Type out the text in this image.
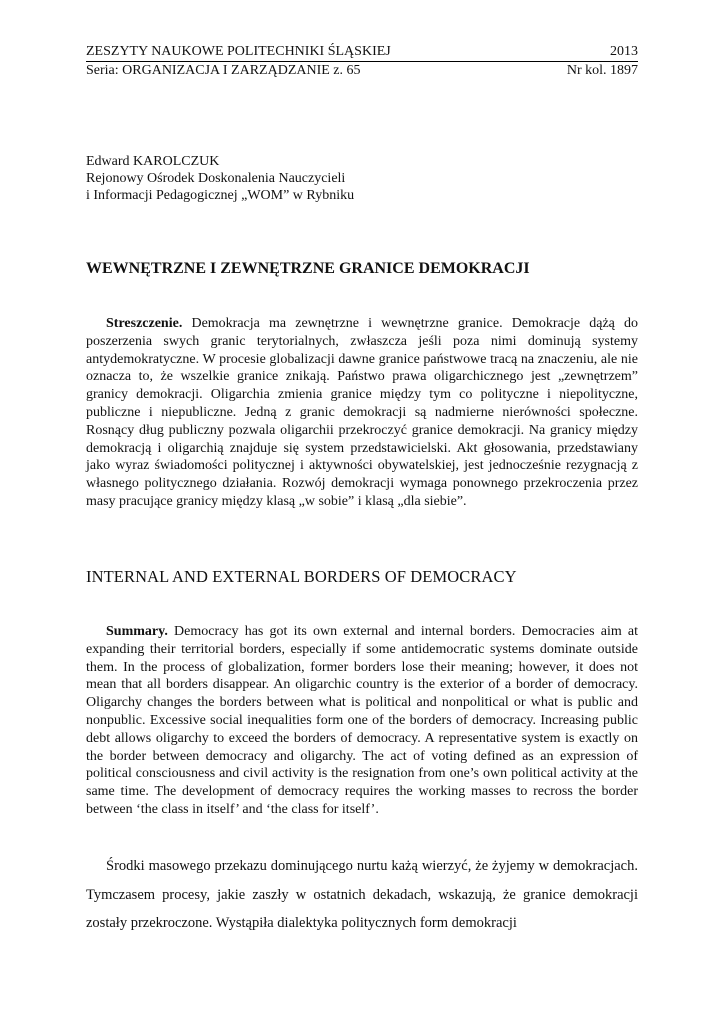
ZESZYTY NAUKOWE POLITECHNIKI ŚLĄSKIEJ	2013
Seria: ORGANIZACJA I ZARZĄDZANIE z. 65	Nr kol. 1897
Edward KAROLCZUK
Rejonowy Ośrodek Doskonalenia Nauczycieli
i Informacji Pedagogicznej „WOM” w Rybniku
WEWNĘTRZNE I ZEWNĘTRZNE GRANICE DEMOKRACJI
Streszczenie. Demokracja ma zewnętrzne i wewnętrzne granice. Demokracje dążą do poszerzenia swych granic terytorialnych, zwłaszcza jeśli poza nimi dominują systemy antydemokratyczne. W procesie globalizacji dawne granice państwowe tracą na znaczeniu, ale nie oznacza to, że wszelkie granice znikają. Państwo prawa oligarchicznego jest „zewnętrzem” granicy demokracji. Oligarchia zmienia granice między tym co polityczne i niepolityczne, publiczne i niepubliczne. Jedną z granic demokracji są nadmierne nierówności społeczne. Rosnący dług publiczny pozwala oligarchii przekroczyć granice demokracji. Na granicy między demokracją i oligarchią znajduje się system przedstawicielski. Akt głosowania, przedstawiany jako wyraz świadomości politycznej i aktywności obywatelskiej, jest jednocześnie rezygnacją z własnego politycznego działania. Rozwój demokracji wymaga ponownego przekroczenia przez masy pracujące granicy między klasą „w sobie” i klasą „dla siebie”.
INTERNAL AND EXTERNAL BORDERS OF DEMOCRACY
Summary. Democracy has got its own external and internal borders. Democracies aim at expanding their territorial borders, especially if some antidemocratic systems dominate outside them. In the process of globalization, former borders lose their meaning; however, it does not mean that all borders disappear. An oligarchic country is the exterior of a border of democracy. Oligarchy changes the borders between what is political and nonpolitical or what is public and nonpublic. Excessive social inequalities form one of the borders of democracy. Increasing public debt allows oligarchy to exceed the borders of democracy. A representative system is exactly on the border between democracy and oligarchy. The act of voting defined as an expression of political consciousness and civil activity is the resignation from one’s own political activity at the same time. The development of democracy requires the working masses to recross the border between ‘the class in itself’ and ‘the class for itself’.
Środki masowego przekazu dominującego nurtu każą wierzyć, że żyjemy w demokracjach. Tymczasem procesy, jakie zaszły w ostatnich dekadach, wskazują, że granice demokracji zostały przekroczone. Wystąpiła dialektyka politycznych form demokracji
